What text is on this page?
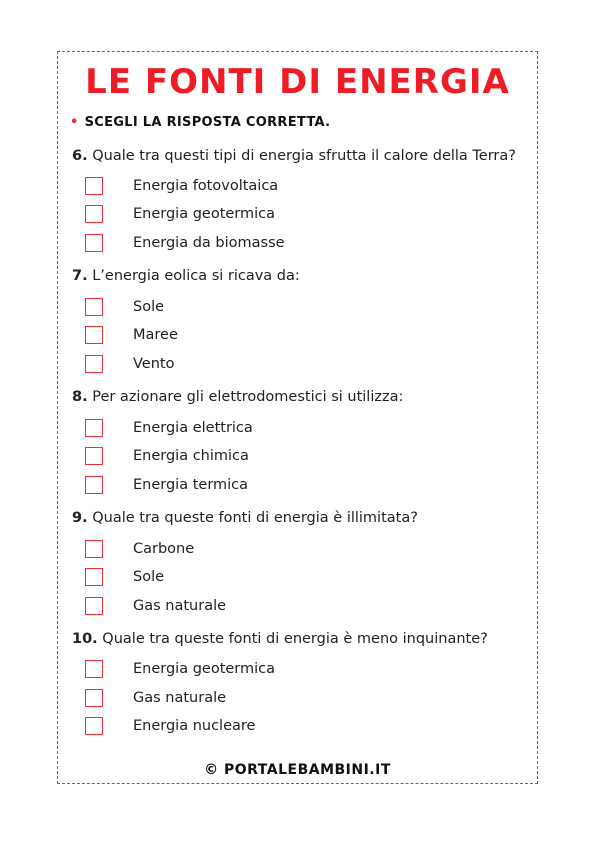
LE FONTI DI ENERGIA
• SCEGLI LA RISPOSTA CORRETTA.
6. Quale tra questi tipi di energia sfrutta il calore della Terra?
Energia fotovoltaica
Energia geotermica
Energia da biomasse
7. L’energia eolica si ricava da:
Sole
Maree
Vento
8. Per azionare gli elettrodomestici si utilizza:
Energia elettrica
Energia chimica
Energia termica
9. Quale tra queste fonti di energia è illimitata?
Carbone
Sole
Gas naturale
10. Quale tra queste fonti di energia è meno inquinante?
Energia geotermica
Gas naturale
Energia nucleare
© PORTALEBAMBINI.IT
